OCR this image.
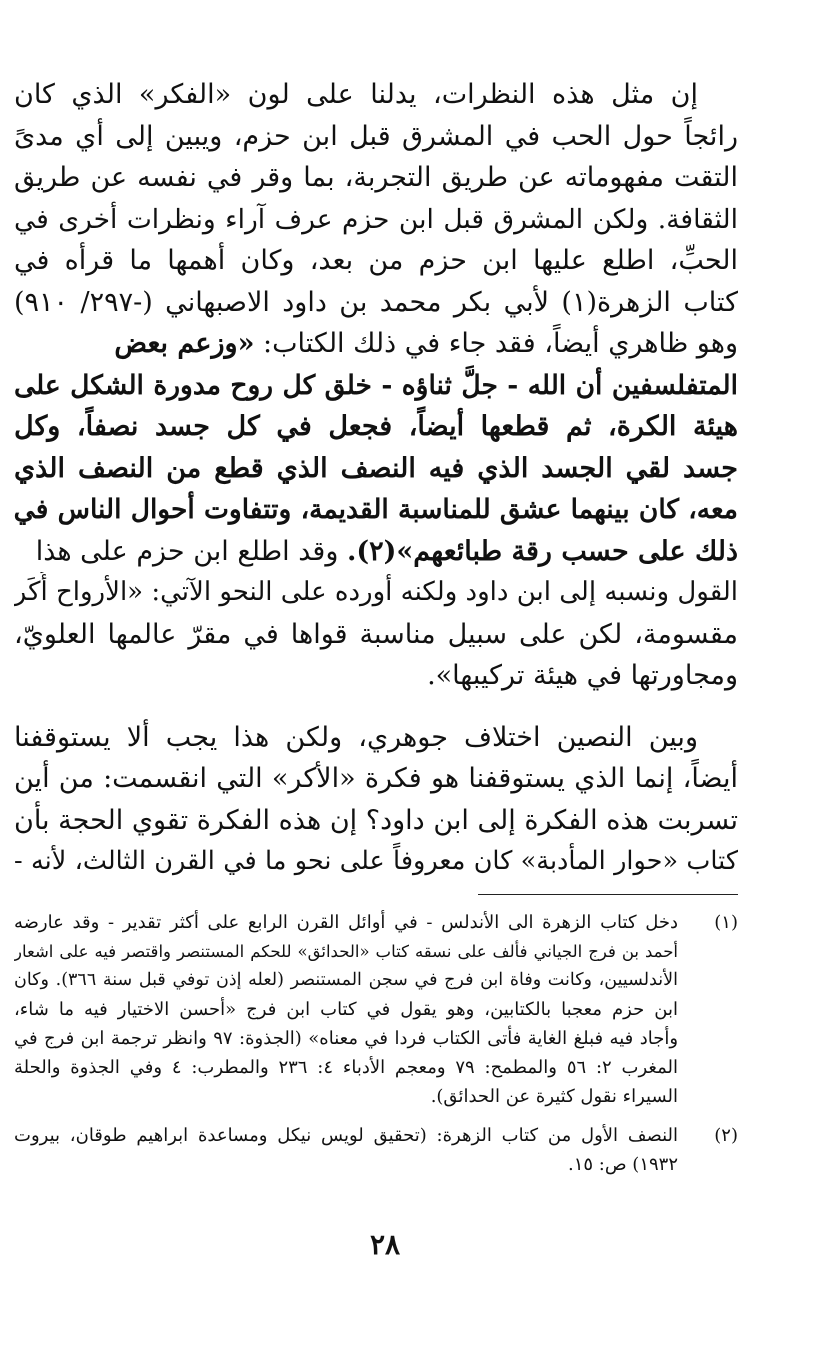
إن مثل هذه النظرات، يدلنا على لون «الفكر» الذي كان
رائجاً حول الحب في المشرق قبل ابن حزم، ويبين إلى أي مدىً
التقت مفهوماته عن طريق التجربة، بما وقر في نفسه عن طريق
الثقافة. ولكن المشرق قبل ابن حزم عرف آراء ونظرات أخرى في
الحبِّ، اطلع عليها ابن حزم من بعد، وكان أهمها ما قرأه في
كتاب الزهرة(١) لأبي بكر محمد بن داود الاصبهاني (-٢٩٧/ ٩١٠)
وهو ظاهري أيضاً، فقد جاء في ذلك الكتاب: «وزعم بعض
المتفلسفين أن الله - جلَّ ثناؤه - خلق كل روح مدورة الشكل على
هيئة الكرة، ثم قطعها أيضاً، فجعل في كل جسد نصفاً، وكل
جسد لقي الجسد الذي فيه النصف الذي قطع من النصف الذي
معه، كان بينهما عشق للمناسبة القديمة، وتتفاوت أحوال الناس في
ذلك على حسب رقة طبائعهم»(٢). وقد اطلع ابن حزم على هذا
القول ونسبه إلى ابن داود ولكنه أورده على النحو الآتي: «الأرواح أُكَر
مقسومة، لكن على سبيل مناسبة قواها في مقرّ عالمها العلويّ،
ومجاورتها في هيئة تركيبها».
وبين النصين اختلاف جوهري، ولكن هذا يجب ألا يستوقفنا
أيضاً، إنما الذي يستوقفنا هو فكرة «الأكر» التي انقسمت: من أين
تسربت هذه الفكرة إلى ابن داود؟ إن هذه الفكرة تقوي الحجة بأن
كتاب «حوار المأدبة» كان معروفاً على نحو ما في القرن الثالث، لأنه -
(١)
دخل كتاب الزهرة الى الأندلس - في أوائل القرن الرابع على أكثر تقدير - وقد عارضه
أحمد بن فرج الجياني فألف على نسقه كتاب «الحدائق» للحكم المستنصر واقتصر فيه على اشعار
الأندلسيين، وكانت وفاة ابن فرج في سجن المستنصر (لعله إذن توفي قبل سنة ٣٦٦). وكان
ابن حزم معجبا بالكتابين، وهو يقول في كتاب ابن فرج «أحسن الاختيار فيه ما شاء،
وأجاد فيه فبلغ الغاية فأتى الكتاب فردا في معناه» (الجذوة: ٩٧ وانظر ترجمة ابن فرج في
المغرب ٢: ٥٦ والمطمح: ٧٩ ومعجم الأدباء ٤: ٢٣٦ والمطرب: ٤ وفي الجذوة والحلة
السيراء نقول كثيرة عن الحدائق).
(٢)
النصف الأول من كتاب الزهرة: (تحقيق لويس نيكل ومساعدة ابراهيم طوقان، بيروت
١٩٣٢) ص: ١٥.
٢٨
